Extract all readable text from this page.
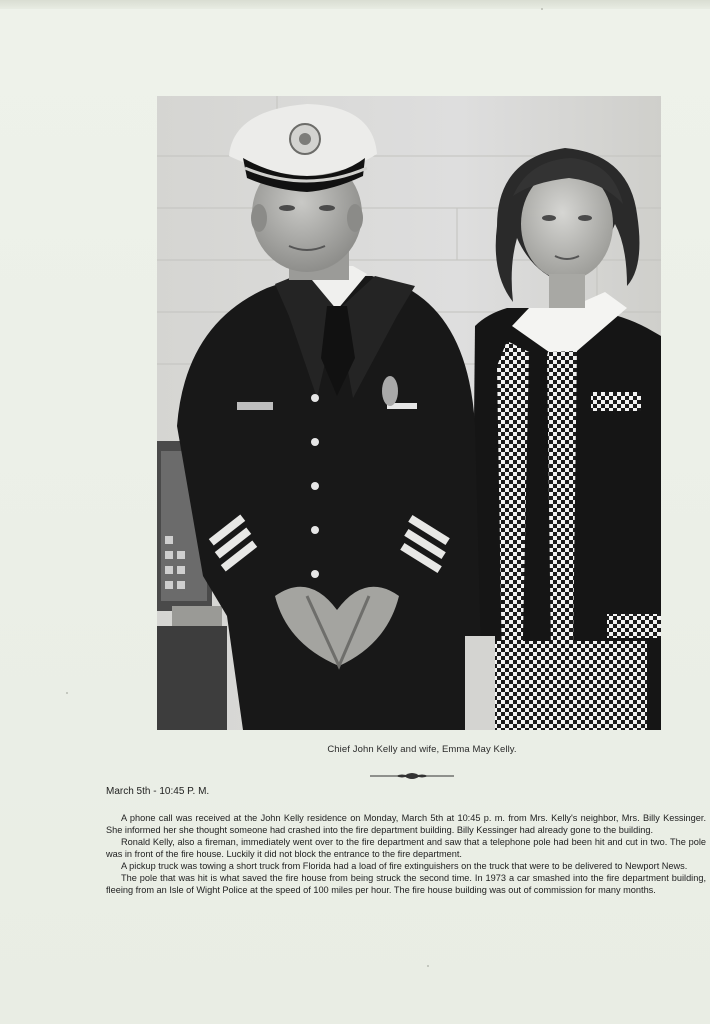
Chief John Kelly and wife, Emma May Kelly.
March 5th - 10:45 P. M.

A phone call was received at the John Kelly residence on Monday, March 5th at 10:45 p. m. from Mrs. Kelly's neighbor, Mrs. Billy Kessinger. She informed her she thought someone had crashed into the fire department building. Billy Kessinger had already gone to the building.

Ronald Kelly, also a fireman, immediately went over to the fire department and saw that a telephone pole had been hit and cut in two. The pole was in front of the fire house. Luckily it did not block the entrance to the fire department.

A pickup truck was towing a short truck from Florida had a load of fire extinguishers on the truck that were to be delivered to Newport News.

The pole that was hit is what saved the fire house from being struck the second time. In 1973 a car smashed into the fire department building, fleeing from an Isle of Wight Police at the speed of 100 miles per hour. The fire house building was out of commission for many months.
